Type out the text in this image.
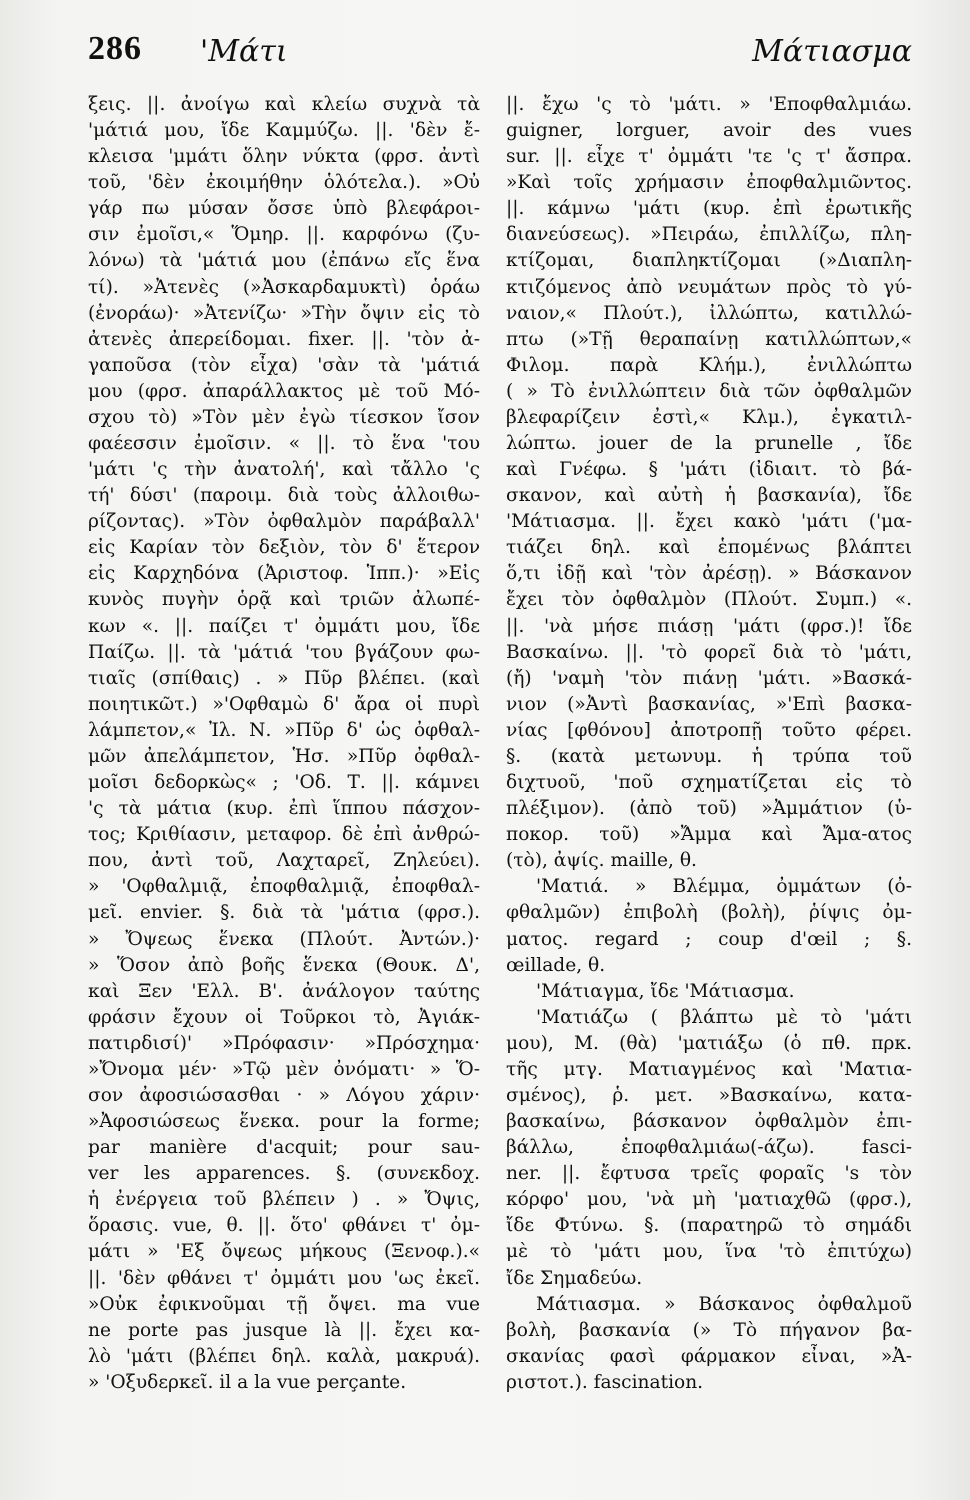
286 'Μάτι	Μάτιασμα
ξεις. ||. ἀνοίγω καὶ κλείω συχνὰ τὰ
'μάτιά μου, ἴδε Καμμύζω. ||. 'δὲν ἔ-
κλεισα 'μμάτι ὅλην νύκτα (φρσ. ἀντὶ
τοῦ, 'δὲν ἐκοιμήθην ὁλότελα.). »Οὐ
γάρ πω μύσαν ὄσσε ὑπὸ βλεφάροι-
σιν ἐμοῖσι,« Ὅμηρ. ||. καρφόνω (ζυ-
λόνω) τὰ 'μάτιά μου (ἐπάνω εἴς ἕνα
τί). »Ἀτενὲς (»Ἀσκαρδαμυκτὶ) ὁράω
(ἐνοράω)· »Ἀτενίζω· »Τὴν ὄψιν εἰς τὸ
ἀτενὲς ἀπερείδομαι. fixer. ||. 'τὸν ἀ-
γαποῦσα (τὸν εἶχα) 'σὰν τὰ 'μάτιά
μου (φρσ. ἀπαράλλακτος μὲ τοῦ Μό-
σχου τὸ) »Τὸν μὲν ἐγὼ τίεσκον ἴσον
φαέεσσιν ἐμοῖσιν. « ||. τὸ ἕνα 'του
'μάτι 'ς τὴν ἀνατολή', καὶ τἄλλο 'ς
τή' δύσι' (παροιμ. διὰ τοὺς ἀλλοιθω-
ρίζοντας). »Τὸν ὀφθαλμὸν παράβαλλ'
εἰς Καρίαν τὸν δεξιὸν, τὸν δ' ἕτερον
εἰς Καρχηδόνα (Ἀριστοφ. Ἱππ.)· »Εἰς
κυνὸς πυγὴν ὁρᾷ καὶ τριῶν ἀλωπέ-
κων «. ||. παίζει τ' ὀμμάτι μου, ἴδε
Παίζω. ||. τὰ 'μάτιά 'του βγάζουν φω-
τιαῖς (σπίθαις) . » Πῦρ βλέπει. (καὶ
ποιητικῶτ.) »'Οφθαμὼ δ' ἄρα οἱ πυρὶ
λάμπετον,« Ἰλ. Ν. »Πῦρ δ' ὡς ὀφθαλ-
μῶν ἀπελάμπετον, Ἡσ. »Πῦρ ὀφθαλ-
μοῖσι δεδορκὼς« ; 'Οδ. Τ. ||. κάμνει
'ς τὰ μάτια (κυρ. ἐπὶ ἵππου πάσχον-
τος; Κριθίασιν, μεταφορ. δὲ ἐπὶ ἀνθρώ-
που, ἀντὶ τοῦ, Λαχταρεῖ, Ζηλεύει).
» 'Οφθαλμιᾷ, ἐποφθαλμιᾷ, ἐποφθαλ-
μεῖ. envier. §. διὰ τὰ 'μάτια (φρσ.).
» Ὄψεως ἕνεκα (Πλούτ. Ἀντών.)·
» Ὅσον ἀπὸ βοῆς ἕνεκα (Θουκ. Δ',
καὶ Ξεν 'Ελλ. Β'. ἀνάλογον ταύτης
φράσιν ἔχουν οἱ Τοῦρκοι τὸ, Ἀγιάκ-
πατιρδισί)' »Πρόφασιν· »Πρόσχημα·
»Ὄνομα μέν· »Τῷ μὲν ὀνόματι· » Ὅ-
σον ἀφοσιώσασθαι · » Λόγου χάριν·
»Ἀφοσιώσεως ἕνεκα. pour la forme;
par manière d'acquit; pour sau-
ver les apparences. §. (συνεκδοχ.
ἡ ἐνέργεια τοῦ βλέπειν ) . » Ὄψις,
ὅρασις. vue, θ. ||. ὅτο' φθάνει τ' ὀμ-
μάτι » 'Εξ ὄψεως μήκους (Ξενοφ.).«
||. 'δὲν φθάνει τ' ὀμμάτι μου 'ως ἐκεῖ.
»Οὐκ ἐφικνοῦμαι τῇ ὄψει. ma vue
ne porte pas jusque là ||. ἔχει κα-
λὸ 'μάτι (βλέπει δηλ. καλὰ, μακρυά).
» 'Οξυδερκεῖ. il a la vue perçante.
||. ἔχω 'ς τὸ 'μάτι. » 'Εποφθαλμιάω.
guigner, lorguer, avoir des vues
sur. ||. εἶχε τ' ὀμμάτι 'τε 'ς τ' ἄσπρα.
»Καὶ τοῖς χρήμασιν ἐποφθαλμιῶντος.
||. κάμνω 'μάτι (κυρ. ἐπὶ ἐρωτικῆς
διανεύσεως). »Πειράω, ἐπιλλίζω, πλη-
κτίζομαι, διαπληκτίζομαι (»Διαπλη-
κτιζόμενος ἀπὸ νευμάτων πρὸς τὸ γύ-
ναιον,« Πλούτ.), ἰλλώπτω, κατιλλώ-
πτω (»Τῇ θεραπαίνῃ κατιλλώπτων,«
Φιλομ. παρὰ Κλήμ.), ἐνιλλώπτω
( » Τὸ ἐνιλλώπτειν διὰ τῶν ὀφθαλμῶν
βλεφαρίζειν ἐστὶ,« Κλμ.), ἐγκατιλ-
λώπτω. jouer de la prunelle , ἴδε
καὶ Γνέφω. § 'μάτι (ἰδιαιτ. τὸ βά-
σκανον, καὶ αὐτὴ ἡ βασκανία), ἴδε
'Μάτιασμα. ||. ἔχει κακὸ 'μάτι ('μα-
τιάζει δηλ. καὶ ἑπομένως βλάπτει
ὅ,τι ἰδῇ καὶ 'τὸν ἀρέσῃ). » Βάσκανον
ἔχει τὸν ὀφθαλμὸν (Πλούτ. Συμπ.) «.
||. 'νὰ μήσε πιάσῃ 'μάτι (φρσ.)! ἴδε
Βασκαίνω. ||. 'τὸ φορεῖ διὰ τὸ 'μάτι,
(ἤ) 'ναμὴ 'τὸν πιάνῃ 'μάτι. »Βασκά-
νιον (»Ἀντὶ βασκανίας, »'Επὶ βασκα-
νίας [φθόνου] ἀποτροπῇ τοῦτο φέρει.
§. (κατὰ μετωνυμ. ἡ τρύπα τοῦ
διχτυοῦ, 'ποῦ σχηματίζεται εἰς τὸ
πλέξιμον). (ἀπὸ τοῦ) »Ἀμμάτιον (ὑ-
ποκορ. τοῦ) »Ἄμμα καὶ Ἄμα-ατος
(τὸ), ἀψίς. maille, θ.
'Ματιά. » Βλέμμα, ὀμμάτων (ὀ-
φθαλμῶν) ἐπιβολὴ (βολὴ), ῥίψις ὀμ-
ματος. regard ; coup d'œil ; §.
œillade, θ.
'Μάτιαγμα, ἴδε 'Μάτιασμα.
'Ματιάζω ( βλάπτω μὲ τὸ 'μάτι
μου), Μ. (θὰ) 'ματιάξω (ὁ πθ. πρκ.
τῆς μτγ. Ματιαγμένος καὶ 'Ματια-
σμένος), ῥ. μετ. »Βασκαίνω, κατα-
βασκαίνω, βάσκανον ὀφθαλμὸν ἐπι-
βάλλω, ἐποφθαλμιάω(-άζω). fasci-
ner. ||. ἔφτυσα τρεῖς φοραῖς 's τὸν
κόρφο' μου, 'νὰ μὴ 'ματιαχθῶ (φρσ.),
ἴδε Φτύνω. §. (παρατηρῶ τὸ σημάδι
μὲ τὸ 'μάτι μου, ἵνα 'τὸ ἐπιτύχω)
ἴδε Σημαδεύω.
Μάτιασμα. » Βάσκανος ὀφθαλμοῦ
βολὴ, βασκανία (» Τὸ πήγανον βα-
σκανίας φασὶ φάρμακον εἶναι, »Ἀ-
ριστοτ.). fascination.
